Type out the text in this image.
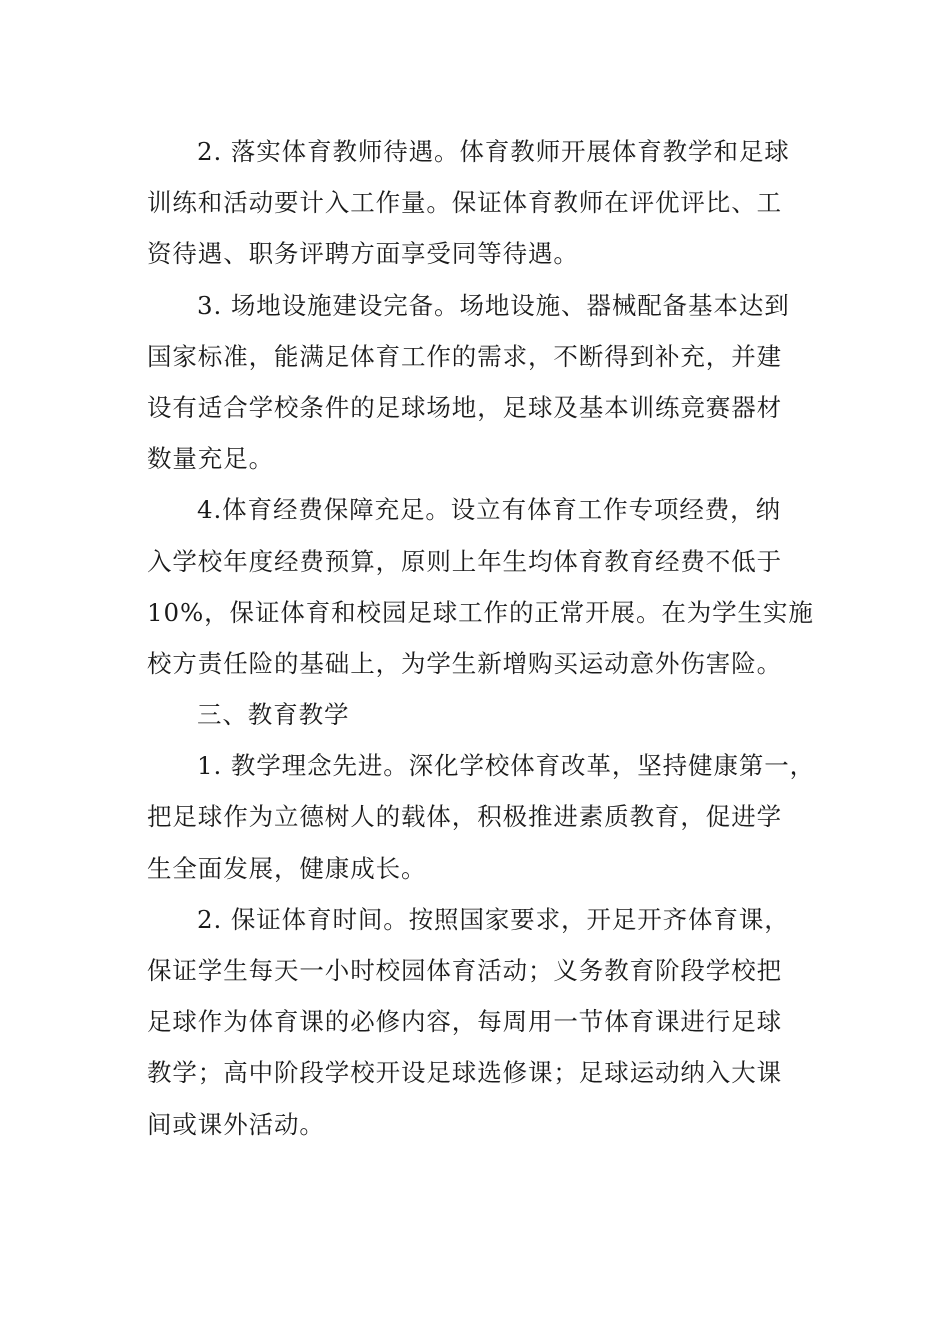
2. 落实体育教师待遇。体育教师开展体育教学和足球
训练和活动要计入工作量。保证体育教师在评优评比、工
资待遇、职务评聘方面享受同等待遇。
3. 场地设施建设完备。场地设施、器械配备基本达到
国家标准，能满足体育工作的需求，不断得到补充，并建
设有适合学校条件的足球场地，足球及基本训练竞赛器材
数量充足。
4.体育经费保障充足。设立有体育工作专项经费，纳
入学校年度经费预算，原则上年生均体育教育经费不低于
10%，保证体育和校园足球工作的正常开展。在为学生实施
校方责任险的基础上，为学生新增购买运动意外伤害险。
三、教育教学
1. 教学理念先进。深化学校体育改革，坚持健康第一，
把足球作为立德树人的载体，积极推进素质教育，促进学
生全面发展，健康成长。
2. 保证体育时间。按照国家要求，开足开齐体育课，
保证学生每天一小时校园体育活动；义务教育阶段学校把
足球作为体育课的必修内容，每周用一节体育课进行足球
教学；高中阶段学校开设足球选修课；足球运动纳入大课
间或课外活动。
